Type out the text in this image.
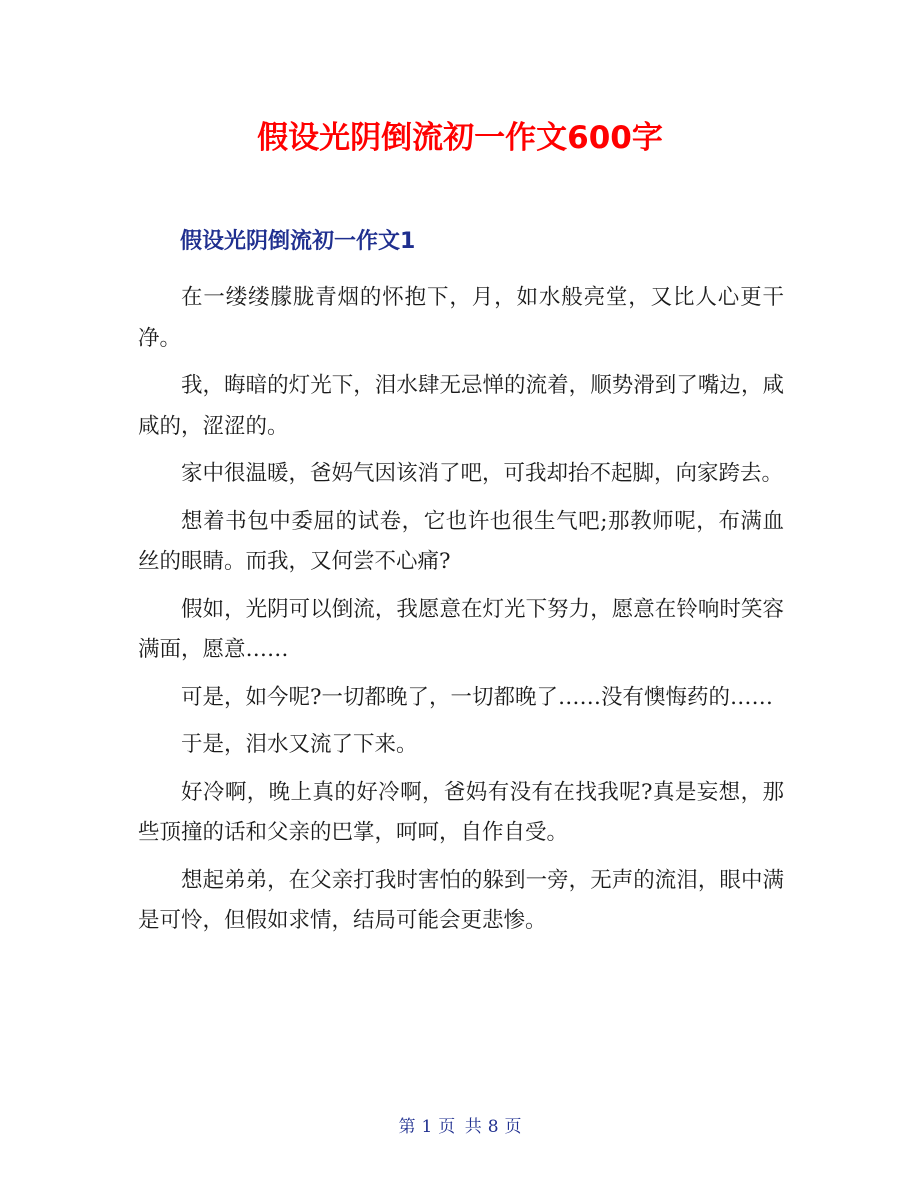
假设光阴倒流初一作文600字
假设光阴倒流初一作文1

在一缕缕朦胧青烟的怀抱下，月，如水般亮堂，又比人心更干净。

我，晦暗的灯光下，泪水肆无忌惮的流着，顺势滑到了嘴边，咸咸的，涩涩的。

家中很温暖，爸妈气因该消了吧，可我却抬不起脚，向家跨去。

想着书包中委屈的试卷，它也许也很生气吧;那教师呢，布满血丝的眼睛。而我，又何尝不心痛?

假如，光阴可以倒流，我愿意在灯光下努力，愿意在铃响时笑容满面，愿意……

可是，如今呢?一切都晚了，一切都晚了……没有懊悔药的……

于是，泪水又流了下来。

好冷啊，晚上真的好冷啊，爸妈有没有在找我呢?真是妄想，那些顶撞的话和父亲的巴掌，呵呵，自作自受。

想起弟弟，在父亲打我时害怕的躲到一旁，无声的流泪，眼中满是可怜，但假如求情，结局可能会更悲惨。

第 1 页 共 8 页
